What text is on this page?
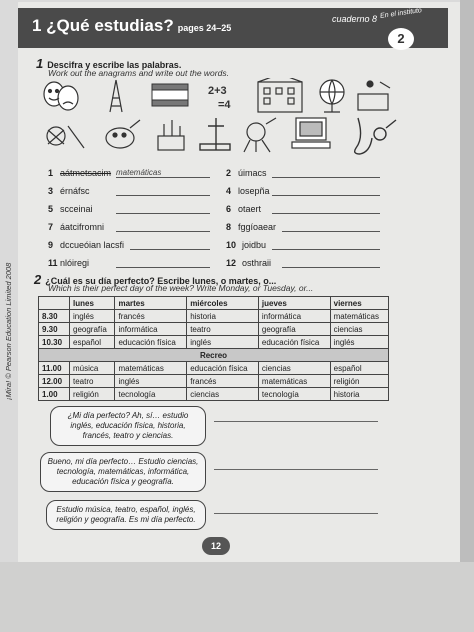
1 ¿Qué estudias? pages 24–25
cuaderno 8 En el instituto
2
1 Descifra y escribe las palabras.
Work out the anagrams and write out the words.
2+3
=4
1 aátmetsacim matemáticas
3 érnáfsc
5 scceinai
7 áatcifromni
9 dccueóian lacsfi
11 nlóiregi
2 úimacs
4 losepña
6 otaert
8 fggíoaear
10 joidbu
12 osthraii
2 ¿Cuál es su día perfecto? Escribe lunes, o martes, o...
Which is their perfect day of the week? Write Monday, or Tuesday, or...
	lunes	martes	miércoles	jueves	viernes
8.30	inglés	francés	historia	informática	matemáticas
9.30	geografía	informática	teatro	geografía	ciencias
10.30	español	educación física	inglés	educación física	inglés
Recreo					
11.00	música	matemáticas	educación física	ciencias	español
12.00	teatro	inglés	francés	matemáticas	religión
1.00	religión	tecnología	ciencias	tecnología	historia
¿Mi día perfecto? Ah, sí… estudio inglés, educación física, historia, francés, teatro y ciencias.
Bueno, mi día perfecto… Estudio ciencias, tecnología, matemáticas, informática, educación física y geografía.
Estudio música, teatro, español, inglés, religión y geografía. Es mi día perfecto.
¡Mira! © Pearson Education Limited 2008
12
